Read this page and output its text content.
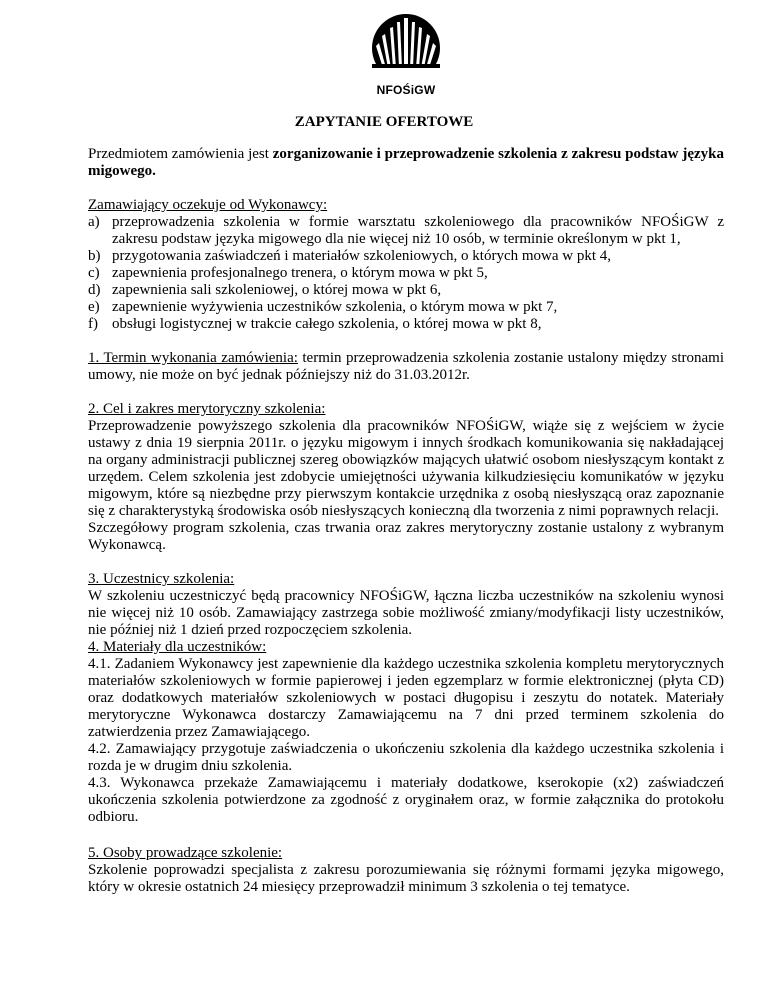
NFOŚiGW
ZAPYTANIE OFERTOWE
Przedmiotem zamówienia jest zorganizowanie i przeprowadzenie szkolenia z zakresu podstaw języka migowego.
Zamawiający oczekuje od Wykonawcy:
a) przeprowadzenia szkolenia w formie warsztatu szkoleniowego dla pracowników NFOŚiGW z zakresu podstaw języka migowego dla nie więcej niż 10 osób, w terminie określonym w pkt 1,
b) przygotowania zaświadczeń i materiałów szkoleniowych, o których mowa w pkt 4,
c) zapewnienia profesjonalnego trenera, o którym mowa w pkt 5,
d) zapewnienia sali szkoleniowej, o której mowa w pkt 6,
e) zapewnienie wyżywienia uczestników szkolenia, o którym mowa w pkt 7,
f) obsługi logistycznej w trakcie całego szkolenia, o której mowa w pkt 8,
1. Termin wykonania zamówienia: termin przeprowadzenia szkolenia zostanie ustalony między stronami umowy, nie może on być jednak późniejszy niż do 31.03.2012r.

2. Cel i zakres merytoryczny szkolenia:

Przeprowadzenie powyższego szkolenia dla pracowników NFOŚiGW, wiąże się z wejściem w życie ustawy z dnia 19 sierpnia 2011r. o języku migowym i innych środkach komunikowania się nakładającej na organy administracji publicznej szereg obowiązków mających ułatwić osobom niesłyszącym kontakt z urzędem. Celem szkolenia jest zdobycie umiejętności używania kilkudziesięciu komunikatów w języku migowym, które są niezbędne przy pierwszym kontakcie urzędnika z osobą niesłyszącą oraz zapoznanie się z charakterystyką środowiska osób niesłyszących konieczną dla tworzenia z nimi poprawnych relacji.

Szczegółowy program szkolenia, czas trwania oraz zakres merytoryczny zostanie ustalony z wybranym Wykonawcą.

3. Uczestnicy szkolenia:

W szkoleniu uczestniczyć będą pracownicy NFOŚiGW, łączna liczba uczestników na szkoleniu wynosi nie więcej niż 10 osób. Zamawiający zastrzega sobie możliwość zmiany/modyfikacji listy uczestników, nie później niż 1 dzień przed rozpoczęciem szkolenia.

4. Materiały dla uczestników:

4.1. Zadaniem Wykonawcy jest zapewnienie dla każdego uczestnika szkolenia kompletu merytorycznych materiałów szkoleniowych w formie papierowej i jeden egzemplarz w formie elektronicznej (płyta CD) oraz dodatkowych materiałów szkoleniowych w postaci długopisu i zeszytu do notatek. Materiały merytoryczne Wykonawca dostarczy Zamawiającemu na 7 dni przed terminem szkolenia do zatwierdzenia przez Zamawiającego.

4.2. Zamawiający przygotuje zaświadczenia o ukończeniu szkolenia dla każdego uczestnika szkolenia i rozda je w drugim dniu szkolenia.

4.3. Wykonawca przekaże Zamawiającemu i materiały dodatkowe, kserokopie (x2) zaświadczeń ukończenia szkolenia potwierdzone za zgodność z oryginałem oraz, w formie załącznika do protokołu odbioru.

5. Osoby prowadzące szkolenie:

Szkolenie poprowadzi specjalista z zakresu porozumiewania się różnymi formami języka migowego, który w okresie ostatnich 24 miesięcy przeprowadził minimum 3 szkolenia o tej tematyce.
